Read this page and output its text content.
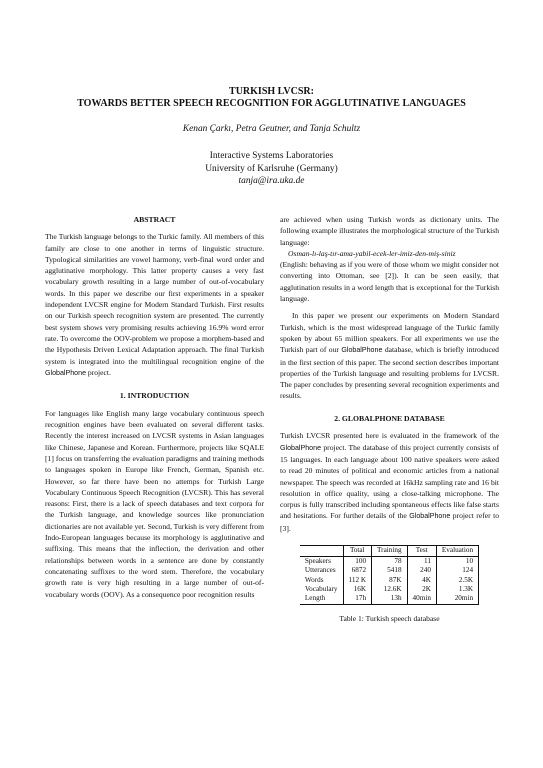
TURKISH LVCSR:
TOWARDS BETTER SPEECH RECOGNITION FOR AGGLUTINATIVE LANGUAGES
Kenan Çarkı, Petra Geutner, and Tanja Schultz
Interactive Systems Laboratories
University of Karlsruhe (Germany)
tanja@ira.uka.de
ABSTRACT

The Turkish language belongs to the Turkic family. All members of this family are close to one another in terms of linguistic structure. Typological similarities are vowel harmony, verb-final word order and agglutinative morphology. This latter property causes a very fast vocabulary growth resulting in a large number of out-of-vocabulary words. In this paper we describe our first experiments in a speaker independent LVCSR engine for Modern Standard Turkish. First results on our Turkish speech recognition system are presented. The currently best system shows very promising results achieving 16.9% word error rate. To overcome the OOV-problem we propose a morphem-based and the Hypothesis Driven Lexical Adaptation approach. The final Turkish system is integrated into the multilingual recognition engine of the GlobalPhone project.

1. INTRODUCTION

For languages like English many large vocabulary continuous speech recognition engines have been evaluated on several different tasks. Recently the interest increased on LVCSR systems in Asian languages like Chinese, Japanese and Korean. Furthermore, projects like SQALE [1] focus on transferring the evaluation paradigms and training methods to languages spoken in Europe like French, German, Spanish etc. However, so far there have been no attemps for Turkish Large Vocabulary Continuous Speech Recognition (LVCSR). This has several reasons: First, there is a lack of speech databases and text corpora for the Turkish language, and knowledge sources like pronunciation dictionaries are not available yet. Second, Turkish is very different from Indo-European languages because its morphology is agglutinative and suffixing. This means that the inflection, the derivation and other relationships between words in a sentence are done by constantly concatenating suffixes to the word stem. Therefore, the vocabulary growth rate is very high resulting in a large number of out-of-vocabulary words (OOV). As a consequence poor recognition results

are achieved when using Turkish words as dictionary units. The following example illustrates the morphological structure of the Turkish language:

Osman-lı-laş-tır-ama-yabil-ecek-ler-imiz-den-miş-siniz

(English: behaving as if you were of those whom we might consider not converting into Ottoman, see [2]). It can be seen easily, that agglutination results in a word length that is exceptional for the Turkish language.

In this paper we present our experiments on Modern Standard Turkish, which is the most widespread language of the Turkic family spoken by about 65 million speakers. For all experiments we use the Turkish part of our GlobalPhone database, which is briefly introduced in the first section of this paper. The second section describes important properties of the Turkish language and resulting problems for LVCSR. The paper concludes by presenting several recognition experiments and results.

2. GLOBALPHONE DATABASE

Turkish LVCSR presented here is evaluated in the framework of the GlobalPhone project. The database of this project currently consists of 15 languages. In each language about 100 native speakers were asked to read 20 minutes of political and economic articles from a national newspaper. The speech was recorded at 16kHz sampling rate and 16 bit resolution in office quality, using a close-talking microphone. The corpus is fully transcribed including spontaneous effects like false starts and hesitations. For further details of the GlobalPhone project refer to [3].

	Total	Training	Test	Evaluation
Speakers	100	78	11	10
Utterances	6872	5418	240	124
Words	112 K	87K	4K	2.5K
Vocabulary	16K	12.6K	2K	1.3K
Length	17h	13h	40min	20min
Table 1: Turkish speech database
